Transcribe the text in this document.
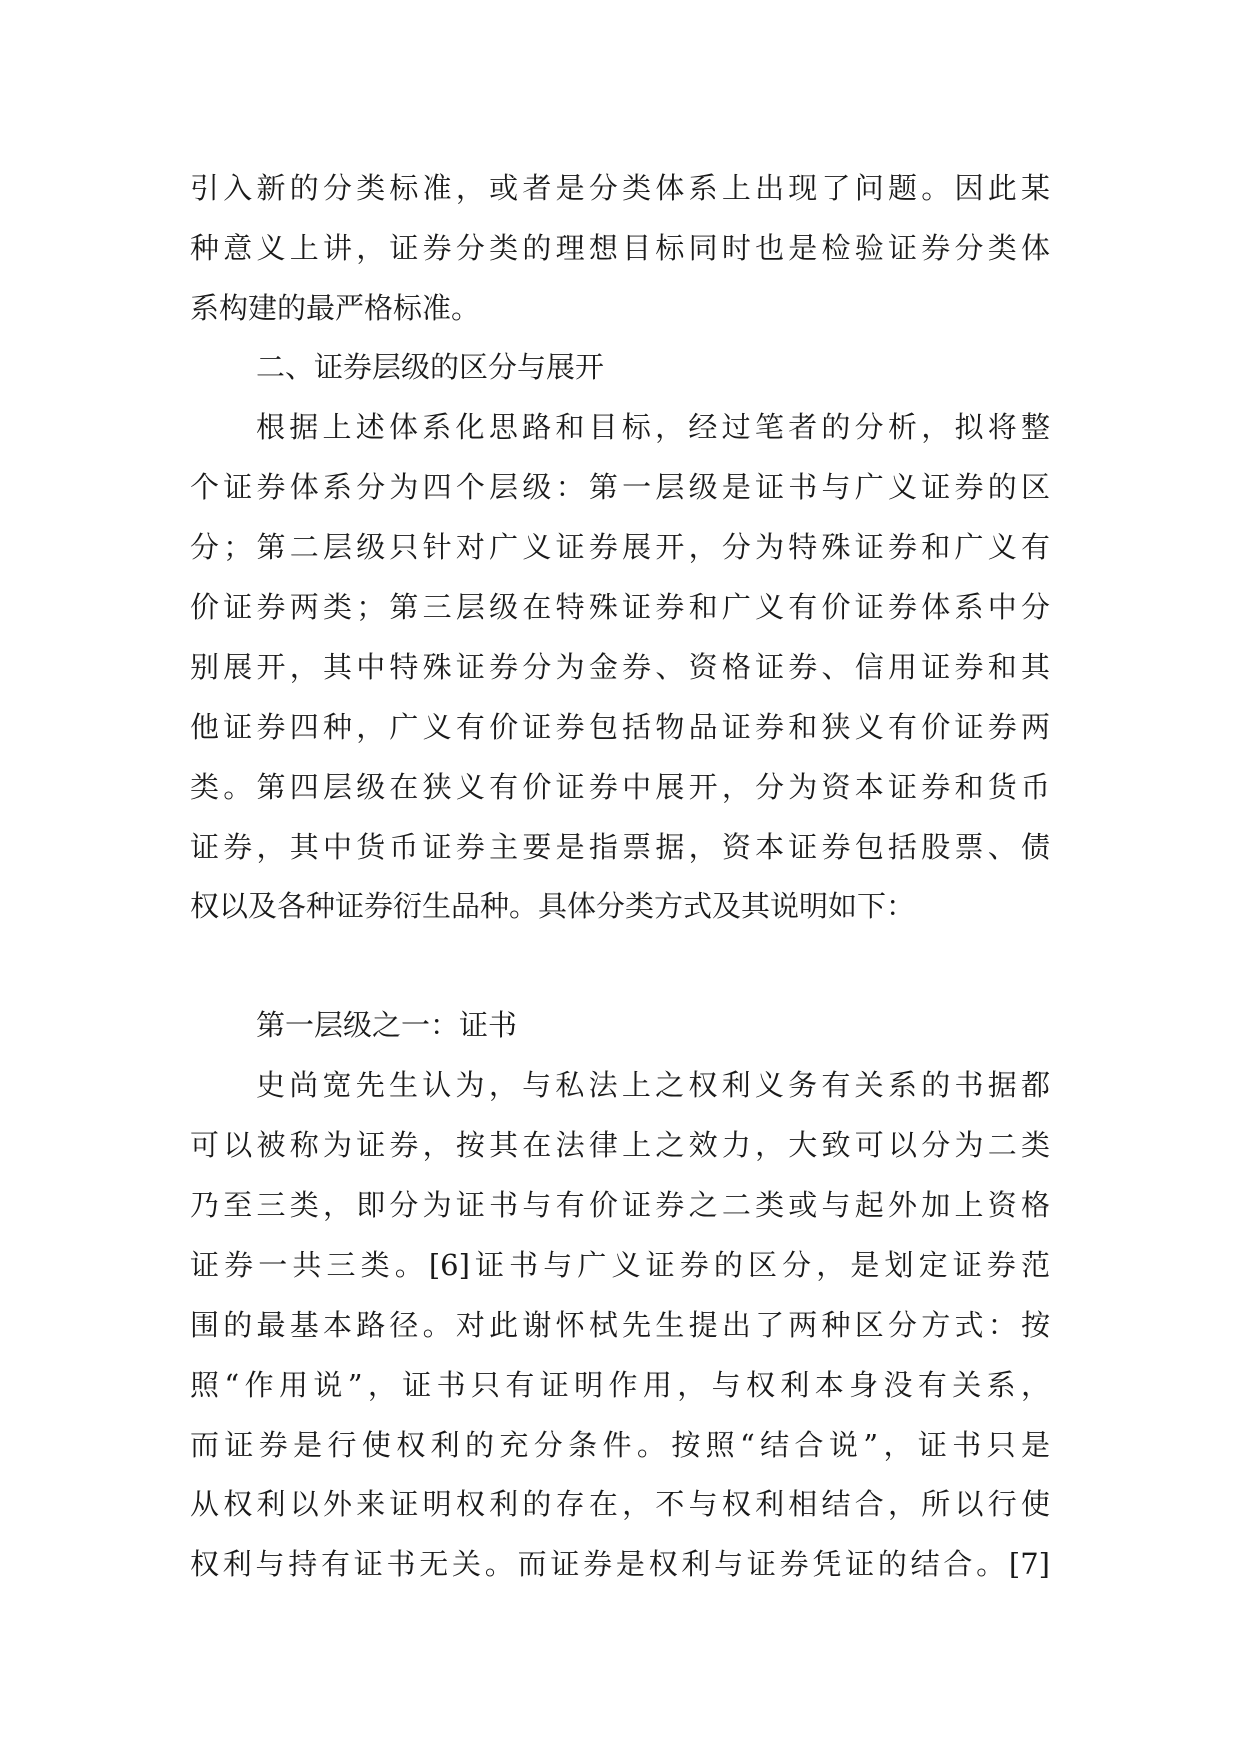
引入新的分类标准，或者是分类体系上出现了问题。因此某
种意义上讲，证券分类的理想目标同时也是检验证券分类体
系构建的最严格标准。
二、证券层级的区分与展开
根据上述体系化思路和目标，经过笔者的分析，拟将整
个证券体系分为四个层级：第一层级是证书与广义证券的区
分；第二层级只针对广义证券展开，分为特殊证券和广义有
价证券两类；第三层级在特殊证券和广义有价证券体系中分
别展开，其中特殊证券分为金券、资格证券、信用证券和其
他证券四种，广义有价证券包括物品证券和狭义有价证券两
类。第四层级在狭义有价证券中展开，分为资本证券和货币
证券，其中货币证券主要是指票据，资本证券包括股票、债
权以及各种证券衍生品种。具体分类方式及其说明如下：
第一层级之一：证书
史尚宽先生认为，与私法上之权利义务有关系的书据都
可以被称为证券，按其在法律上之效力，大致可以分为二类
乃至三类，即分为证书与有价证券之二类或与起外加上资格
证券一共三类。[6]证书与广义证券的区分，是划定证券范
围的最基本路径。对此谢怀栻先生提出了两种区分方式：按
照“作用说”，证书只有证明作用，与权利本身没有关系，
而证券是行使权利的充分条件。按照“结合说”，证书只是
从权利以外来证明权利的存在，不与权利相结合，所以行使
权利与持有证书无关。而证券是权利与证券凭证的结合。[7]
